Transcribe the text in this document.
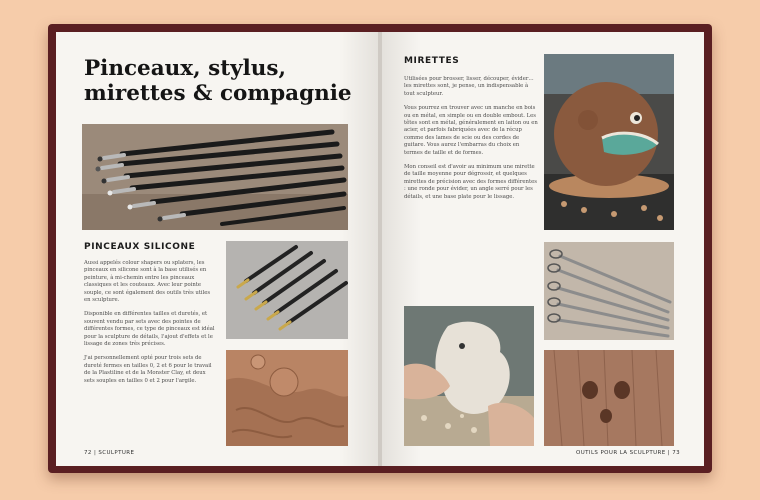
Pinceaux, stylus, mirettes & compagnie
PINCEAUX SILICONE

Aussi appelés colour shapers ou splaters, les pinceaux en silicone sont à la base utilisés en peinture, à mi-chemin entre les pinceaux classiques et les couteaux. Avec leur pointe souple, ce sont également des outils très utiles en sculpture.

Disponible en différentes tailles et duretés, et souvent vendu par sets avec des pointes de différentes formes, ce type de pinceaux est idéal pour la sculpture de détails, l'ajout d'effets et le lissage de zones très précises.

J'ai personnellement opté pour trois sets de dureté fermes en tailles 0, 2 et 6 pour le travail de la Plastiline et de la Monster Clay, et deux sets souples en tailles 0 et 2 pour l'argile.

72 | SCULPTURE
MIRETTES

Utilisées pour brosser, lisser, découper, évider… les mirettes sont, je pense, un indispensable à tout sculpteur.

Vous pourrez en trouver avec un manche en bois ou en métal, en simple ou en double embout. Les têtes sont en métal, généralement en laiton ou en acier, et parfois fabriquées avec de la récup comme des lames de scie ou des cordes de guitare. Vous aurez l'embarras du choix en termes de taille et de formes.

Mon conseil est d'avoir au minimum une mirette de taille moyenne pour dégrossir, et quelques mirettes de précision avec des formes différentes : une ronde pour évider, un angle serré pour les détails, et une base plate pour le lissage.

OUTILS POUR LA SCULPTURE | 73
